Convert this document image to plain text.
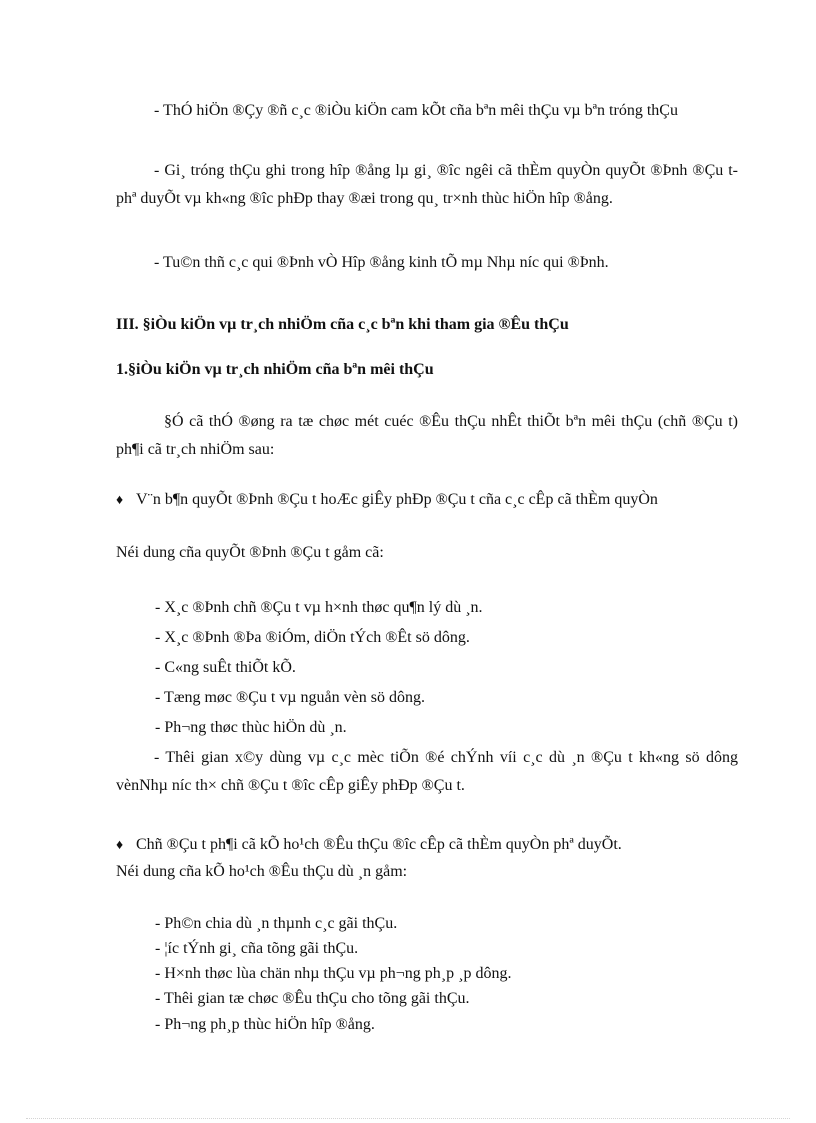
- ThÓ hiÖn ®Çy ®ñ c¸c ®iÒu kiÖn cam kÕt cña bªn mêi thÇu vµ bªn tróng thÇu

- Gi¸ tróng thÇu ghi trong hîp ®ång lµ gi¸ ®îc ngêi cã thÈm quyÒn quyÕt ®Þnh ®Çu t phª duyÕt vµ kh«ng ®îc phÐp thay ®æi trong qu¸ tr×nh thùc hiÖn hîp ®ång.

- Tu©n thñ c¸c qui ®Þnh vÒ Hîp ®ång kinh tÕ mµ Nhµ níc qui ®Þnh.

III. §iÒu kiÖn vµ tr¸ch nhiÖm cña c¸c bªn khi tham gia ®Êu thÇu

1.§iÒu kiÖn vµ tr¸ch nhiÖm cña bªn mêi thÇu

§Ó cã thÓ ®øng ra tæ chøc mét cuéc ®Êu thÇu nhÊt thiÕt bªn mêi thÇu (chñ ®Çu t) ph¶i cã tr¸ch nhiÖm sau:

♦ V¨n b¶n quyÕt ®Þnh ®Çu t hoÆc giÊy phÐp ®Çu t cña c¸c cÊp cã thÈm quyÒn

Néi dung cña quyÕt ®Þnh ®Çu t gåm cã:

- X¸c ®Þnh chñ ®Çu t vµ h×nh thøc qu¶n lý dù ¸n.
- X¸c ®Þnh ®Þa ®iÓm, diÖn tÝch ®Êt sö dông.
- C«ng suÊt thiÕt kÕ.
- Tæng møc ®Çu t vµ nguån vèn sö dông.
- Ph¬ng thøc thùc hiÖn dù ¸n.

- Thêi gian x©y dùng vµ c¸c mèc tiÕn ®é chÝnh víi c¸c dù ¸n ®Çu t kh«ng sö dông vènNhµ níc th× chñ ®Çu t ®îc cÊp giÊy phÐp ®Çu t.

♦ Chñ ®Çu t ph¶i cã kÕ ho¹ch ®Êu thÇu ®îc cÊp cã thÈm quyÒn phª duyÕt.

Néi dung cña kÕ ho¹ch ®Êu thÇu dù ¸n gåm:

- Ph©n chia dù ¸n thµnh c¸c gãi thÇu.
- ¦íc tÝnh gi¸ cña tõng gãi thÇu.
- H×nh thøc lùa chän nhµ thÇu vµ ph¬ng ph¸p ¸p dông.
- Thêi gian tæ chøc ®Êu thÇu cho tõng gãi thÇu.
- Ph¬ng ph¸p thùc hiÖn hîp ®ång.
